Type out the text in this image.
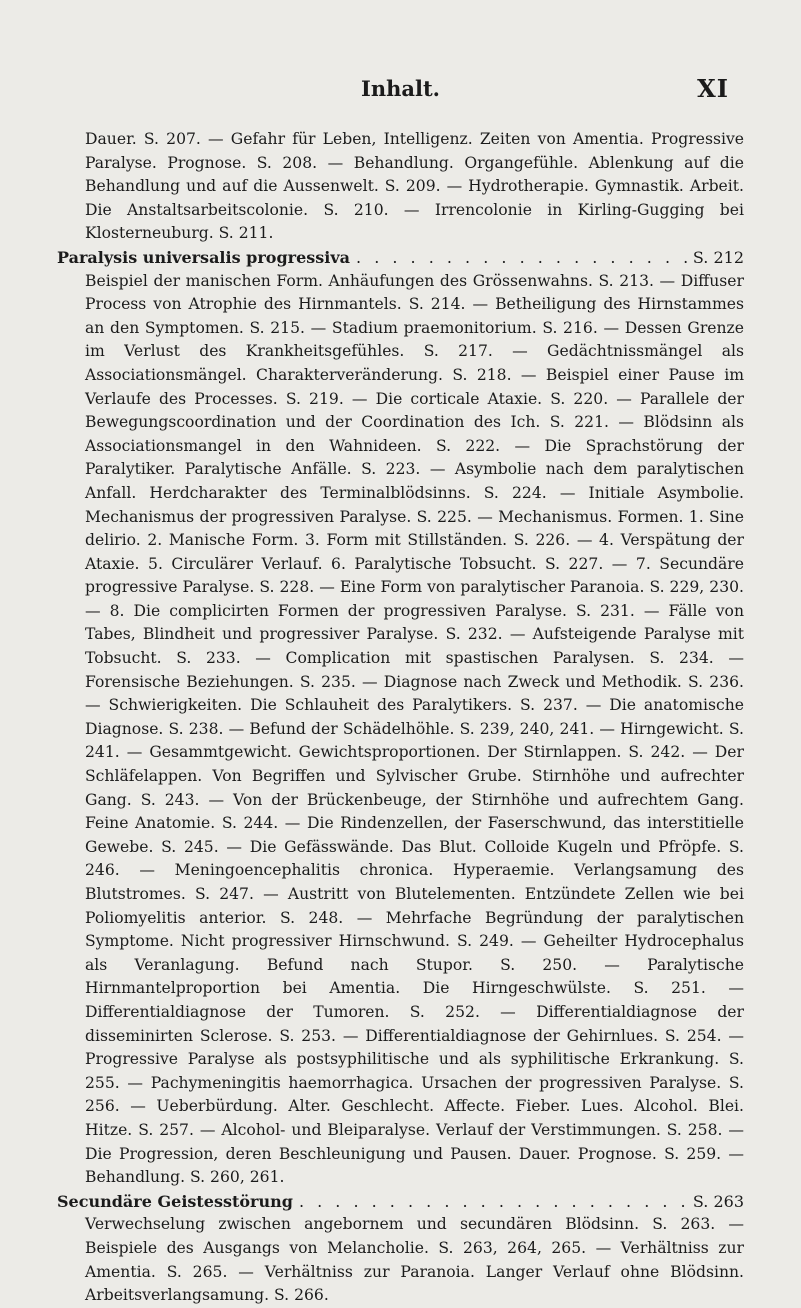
Inhalt.	XI

Dauer. S. 207. — Gefahr für Leben, Intelligenz. Zeiten von Amentia. Progressive Paralyse. Prognose. S. 208. — Behandlung. Organgefühle. Ablenkung auf die Behandlung und auf die Aussenwelt. S. 209. — Hydrotherapie. Gymnastik. Arbeit. Die Anstaltsarbeitscolonie. S. 210. — Irrencolonie in Kirling-Gugging bei Klosterneuburg. S. 211.

Paralysis universalis progressiva . . .	S. 212

Beispiel der manischen Form. Anhäufungen des Grössenwahns. S. 213. — Diffuser Process von Atrophie des Hirnmantels. S. 214. — Betheiligung des Hirnstammes an den Symptomen. S. 215. — Stadium praemonitorium. S. 216. — Dessen Grenze im Verlust des Krankheitsgefühles. S. 217. — Gedächtnissmängel als Associationsmängel. Charakterveränderung. S. 218. — Beispiel einer Pause im Verlaufe des Processes. S. 219. — Die corticale Ataxie. S. 220. — Parallele der Bewegungscoordination und der Coordination des Ich. S. 221. — Blödsinn als Associationsmangel in den Wahnideen. S. 222. — Die Sprachstörung der Paralytiker. Paralytische Anfälle. S. 223. — Asymbolie nach dem paralytischen Anfall. Herdcharakter des Terminalblödsinns. S. 224. — Initiale Asymbolie. Mechanismus der progressiven Paralyse. S. 225. — Mechanismus. Formen. 1. Sine delirio. 2. Manische Form. 3. Form mit Stillständen. S. 226. — 4. Verspätung der Ataxie. 5. Circulärer Verlauf. 6. Paralytische Tobsucht. S. 227. — 7. Secundäre progressive Paralyse. S. 228. — Eine Form von paralytischer Paranoia. S. 229, 230. — 8. Die complicirten Formen der progressiven Paralyse. S. 231. — Fälle von Tabes, Blindheit und progressiver Paralyse. S. 232. — Aufsteigende Paralyse mit Tobsucht. S. 233. — Complication mit spastischen Paralysen. S. 234. — Forensische Beziehungen. S. 235. — Diagnose nach Zweck und Methodik. S. 236. — Schwierigkeiten. Die Schlauheit des Paralytikers. S. 237. — Die anatomische Diagnose. S. 238. — Befund der Schädelhöhle. S. 239, 240, 241. — Hirngewicht. S. 241. — Gesammtgewicht. Gewichtsproportionen. Der Stirnlappen. S. 242. — Der Schläfelappen. Von Begriffen und Sylvischer Grube. Stirnhöhe und aufrechter Gang. S. 243. — Von der Brückenbeuge, der Stirnhöhe und aufrechtem Gang. Feine Anatomie. S. 244. — Die Rindenzellen, der Faserschwund, das interstitielle Gewebe. S. 245. — Die Gefässwände. Das Blut. Colloide Kugeln und Pfröpfe. S. 246. — Meningoencephalitis chronica. Hyperaemie. Verlangsamung des Blutstromes. S. 247. — Austritt von Blutelementen. Entzündete Zellen wie bei Poliomyelitis anterior. S. 248. — Mehrfache Begründung der paralytischen Symptome. Nicht progressiver Hirnschwund. S. 249. — Geheilter Hydrocephalus als Veranlagung. Befund nach Stupor. S. 250. — Paralytische Hirnmantelproportion bei Amentia. Die Hirngeschwülste. S. 251. — Differentialdiagnose der Tumoren. S. 252. — Differentialdiagnose der disseminirten Sclerose. S. 253. — Differentialdiagnose der Gehirnlues. S. 254. — Progressive Paralyse als postsyphilitische und als syphilitische Erkrankung. S. 255. — Pachymeningitis haemorrhagica. Ursachen der progressiven Paralyse. S. 256. — Ueberbürdung. Alter. Geschlecht. Affecte. Fieber. Lues. Alcohol. Blei. Hitze. S. 257. — Alcohol- und Bleiparalyse. Verlauf der Verstimmungen. S. 258. — Die Progression, deren Beschleunigung und Pausen. Dauer. Prognose. S. 259. — Behandlung. S. 260, 261.

Secundäre Geistesstörung . . .	S. 263

Verwechselung zwischen angebornem und secundären Blödsinn. S. 263. — Beispiele des Ausgangs von Melancholie. S. 263, 264, 265. — Verhältniss zur Amentia. S. 265. — Verhältniss zur Paranoia. Langer Verlauf ohne Blödsinn. Arbeitsverlangsamung. S. 266.
